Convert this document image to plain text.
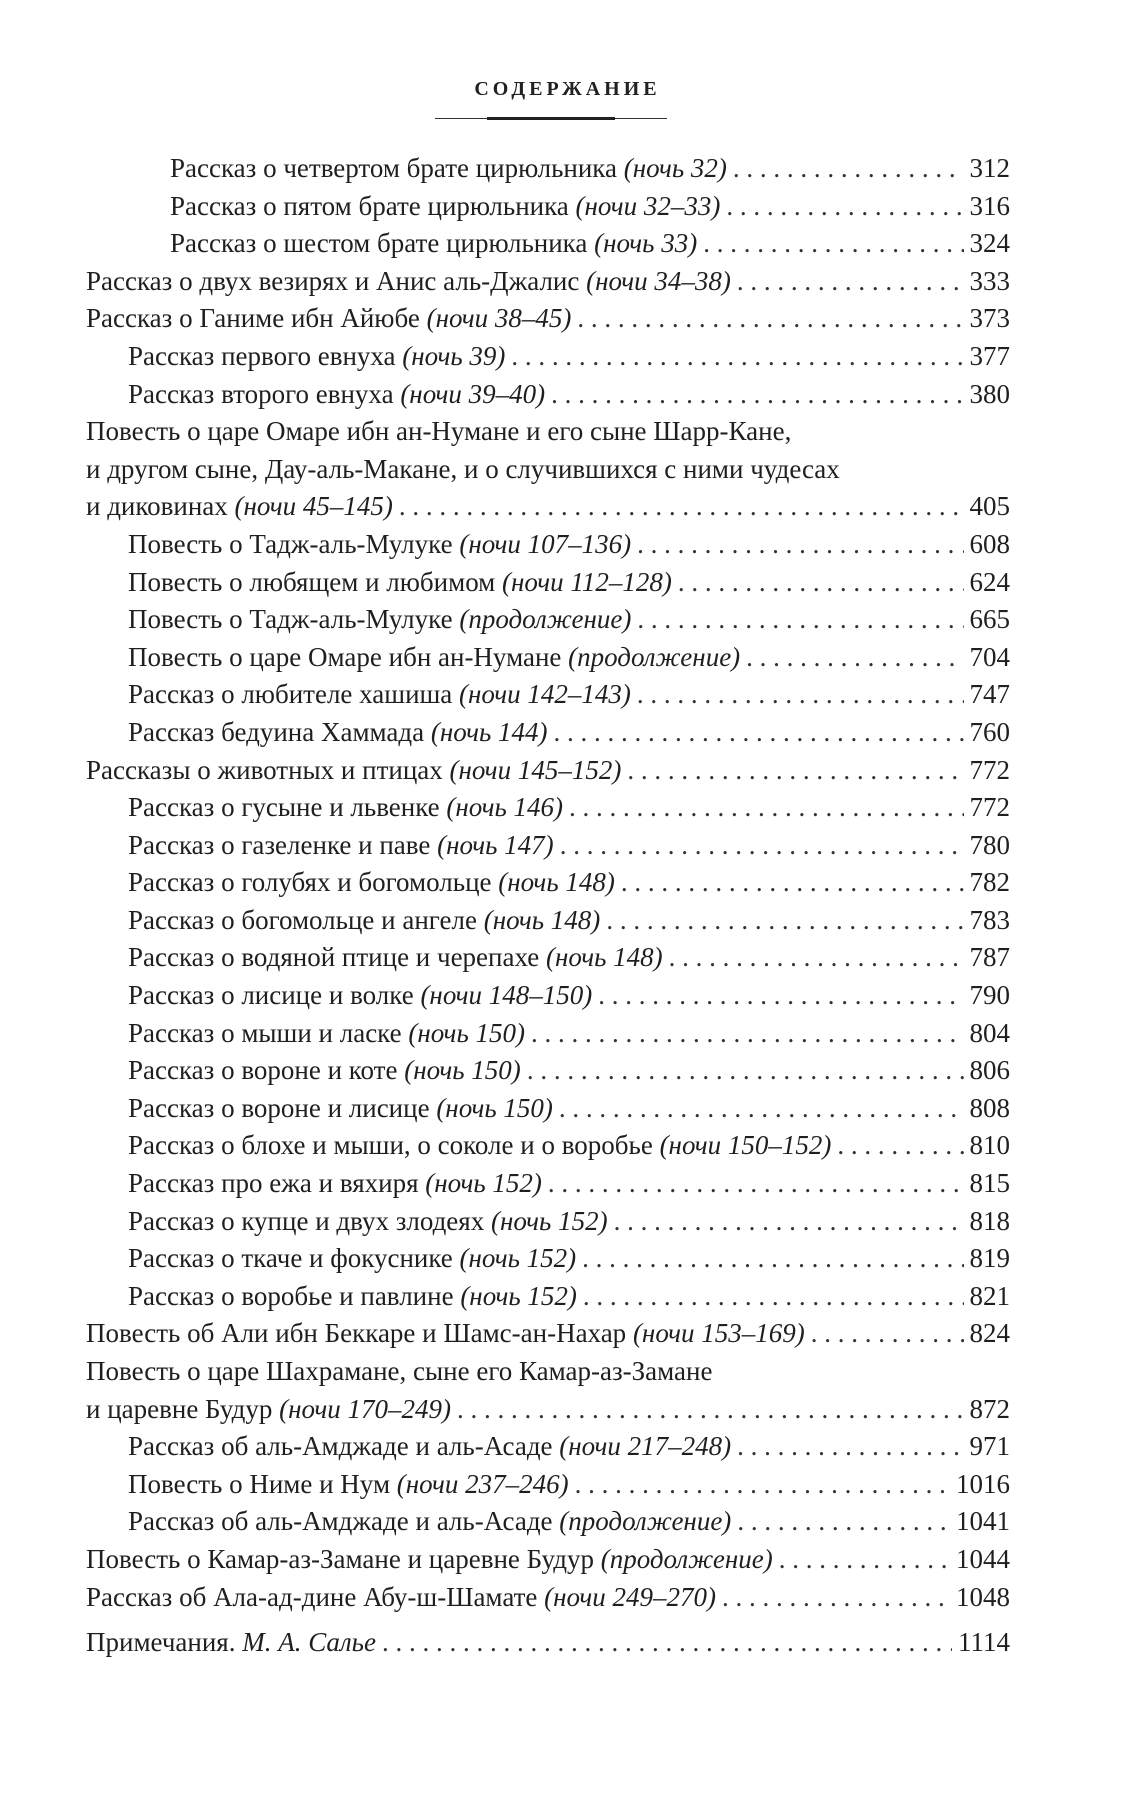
СОДЕРЖАНИЕ
Рассказ о четвертом брате цирюльника (ночь 32) . . .	312
Рассказ о пятом брате цирюльника (ночи 32–33) . . .	316
Рассказ о шестом брате цирюльника (ночь 33) . . .	324
Рассказ о двух везирях и Анис аль-Джалис (ночи 34–38) . . .	333
Рассказ о Ганиме ибн Айюбе (ночи 38–45) . . .	373
Рассказ первого евнуха (ночь 39) . . .	377
Рассказ второго евнуха (ночи 39–40) . . .	380
Повесть о царе Омаре ибн ан-Нумане и его сыне Шарр-Кане,
и другом сыне, Дау-аль-Макане, и о случившихся с ними чудесах
и диковинах (ночи 45–145) . . .	405
Повесть о Тадж-аль-Мулуке (ночи 107–136) . . .	608
Повесть о любящем и любимом (ночи 112–128) . . .	624
Повесть о Тадж-аль-Мулуке (продолжение) . . .	665
Повесть о царе Омаре ибн ан-Нумане (продолжение) . . .	704
Рассказ о любителе хашиша (ночи 142–143) . . .	747
Рассказ бедуина Хаммада (ночь 144) . . .	760
Рассказы о животных и птицах (ночи 145–152) . . .	772
Рассказ о гусыне и львенке (ночь 146) . . .	772
Рассказ о газеленке и паве (ночь 147) . . .	780
Рассказ о голубях и богомольце (ночь 148) . . .	782
Рассказ о богомольце и ангеле (ночь 148) . . .	783
Рассказ о водяной птице и черепахе (ночь 148) . . .	787
Рассказ о лисице и волке (ночи 148–150) . . .	790
Рассказ о мыши и ласке (ночь 150) . . .	804
Рассказ о вороне и коте (ночь 150) . . .	806
Рассказ о вороне и лисице (ночь 150) . . .	808
Рассказ о блохе и мыши, о соколе и о воробье (ночи 150–152) . . .	810
Рассказ про ежа и вяхиря (ночь 152) . . .	815
Рассказ о купце и двух злодеях (ночь 152) . . .	818
Рассказ о ткаче и фокуснике (ночь 152) . . .	819
Рассказ о воробье и павлине (ночь 152) . . .	821
Повесть об Али ибн Беккаре и Шамс-ан-Нахар (ночи 153–169) . . .	824
Повесть о царе Шахрамане, сыне его Камар-аз-Замане
и царевне Будур (ночи 170–249) . . .	872
Рассказ об аль-Амджаде и аль-Асаде (ночи 217–248) . . .	971
Повесть о Ниме и Нум (ночи 237–246) . . .	1016
Рассказ об аль-Амджаде и аль-Асаде (продолжение) . . .	1041
Повесть о Камар-аз-Замане и царевне Будур (продолжение) . . .	1044
Рассказ об Ала-ад-дине Абу-ш-Шамате (ночи 249–270) . . .	1048
Примечания. М. А. Салье . . .	1114
